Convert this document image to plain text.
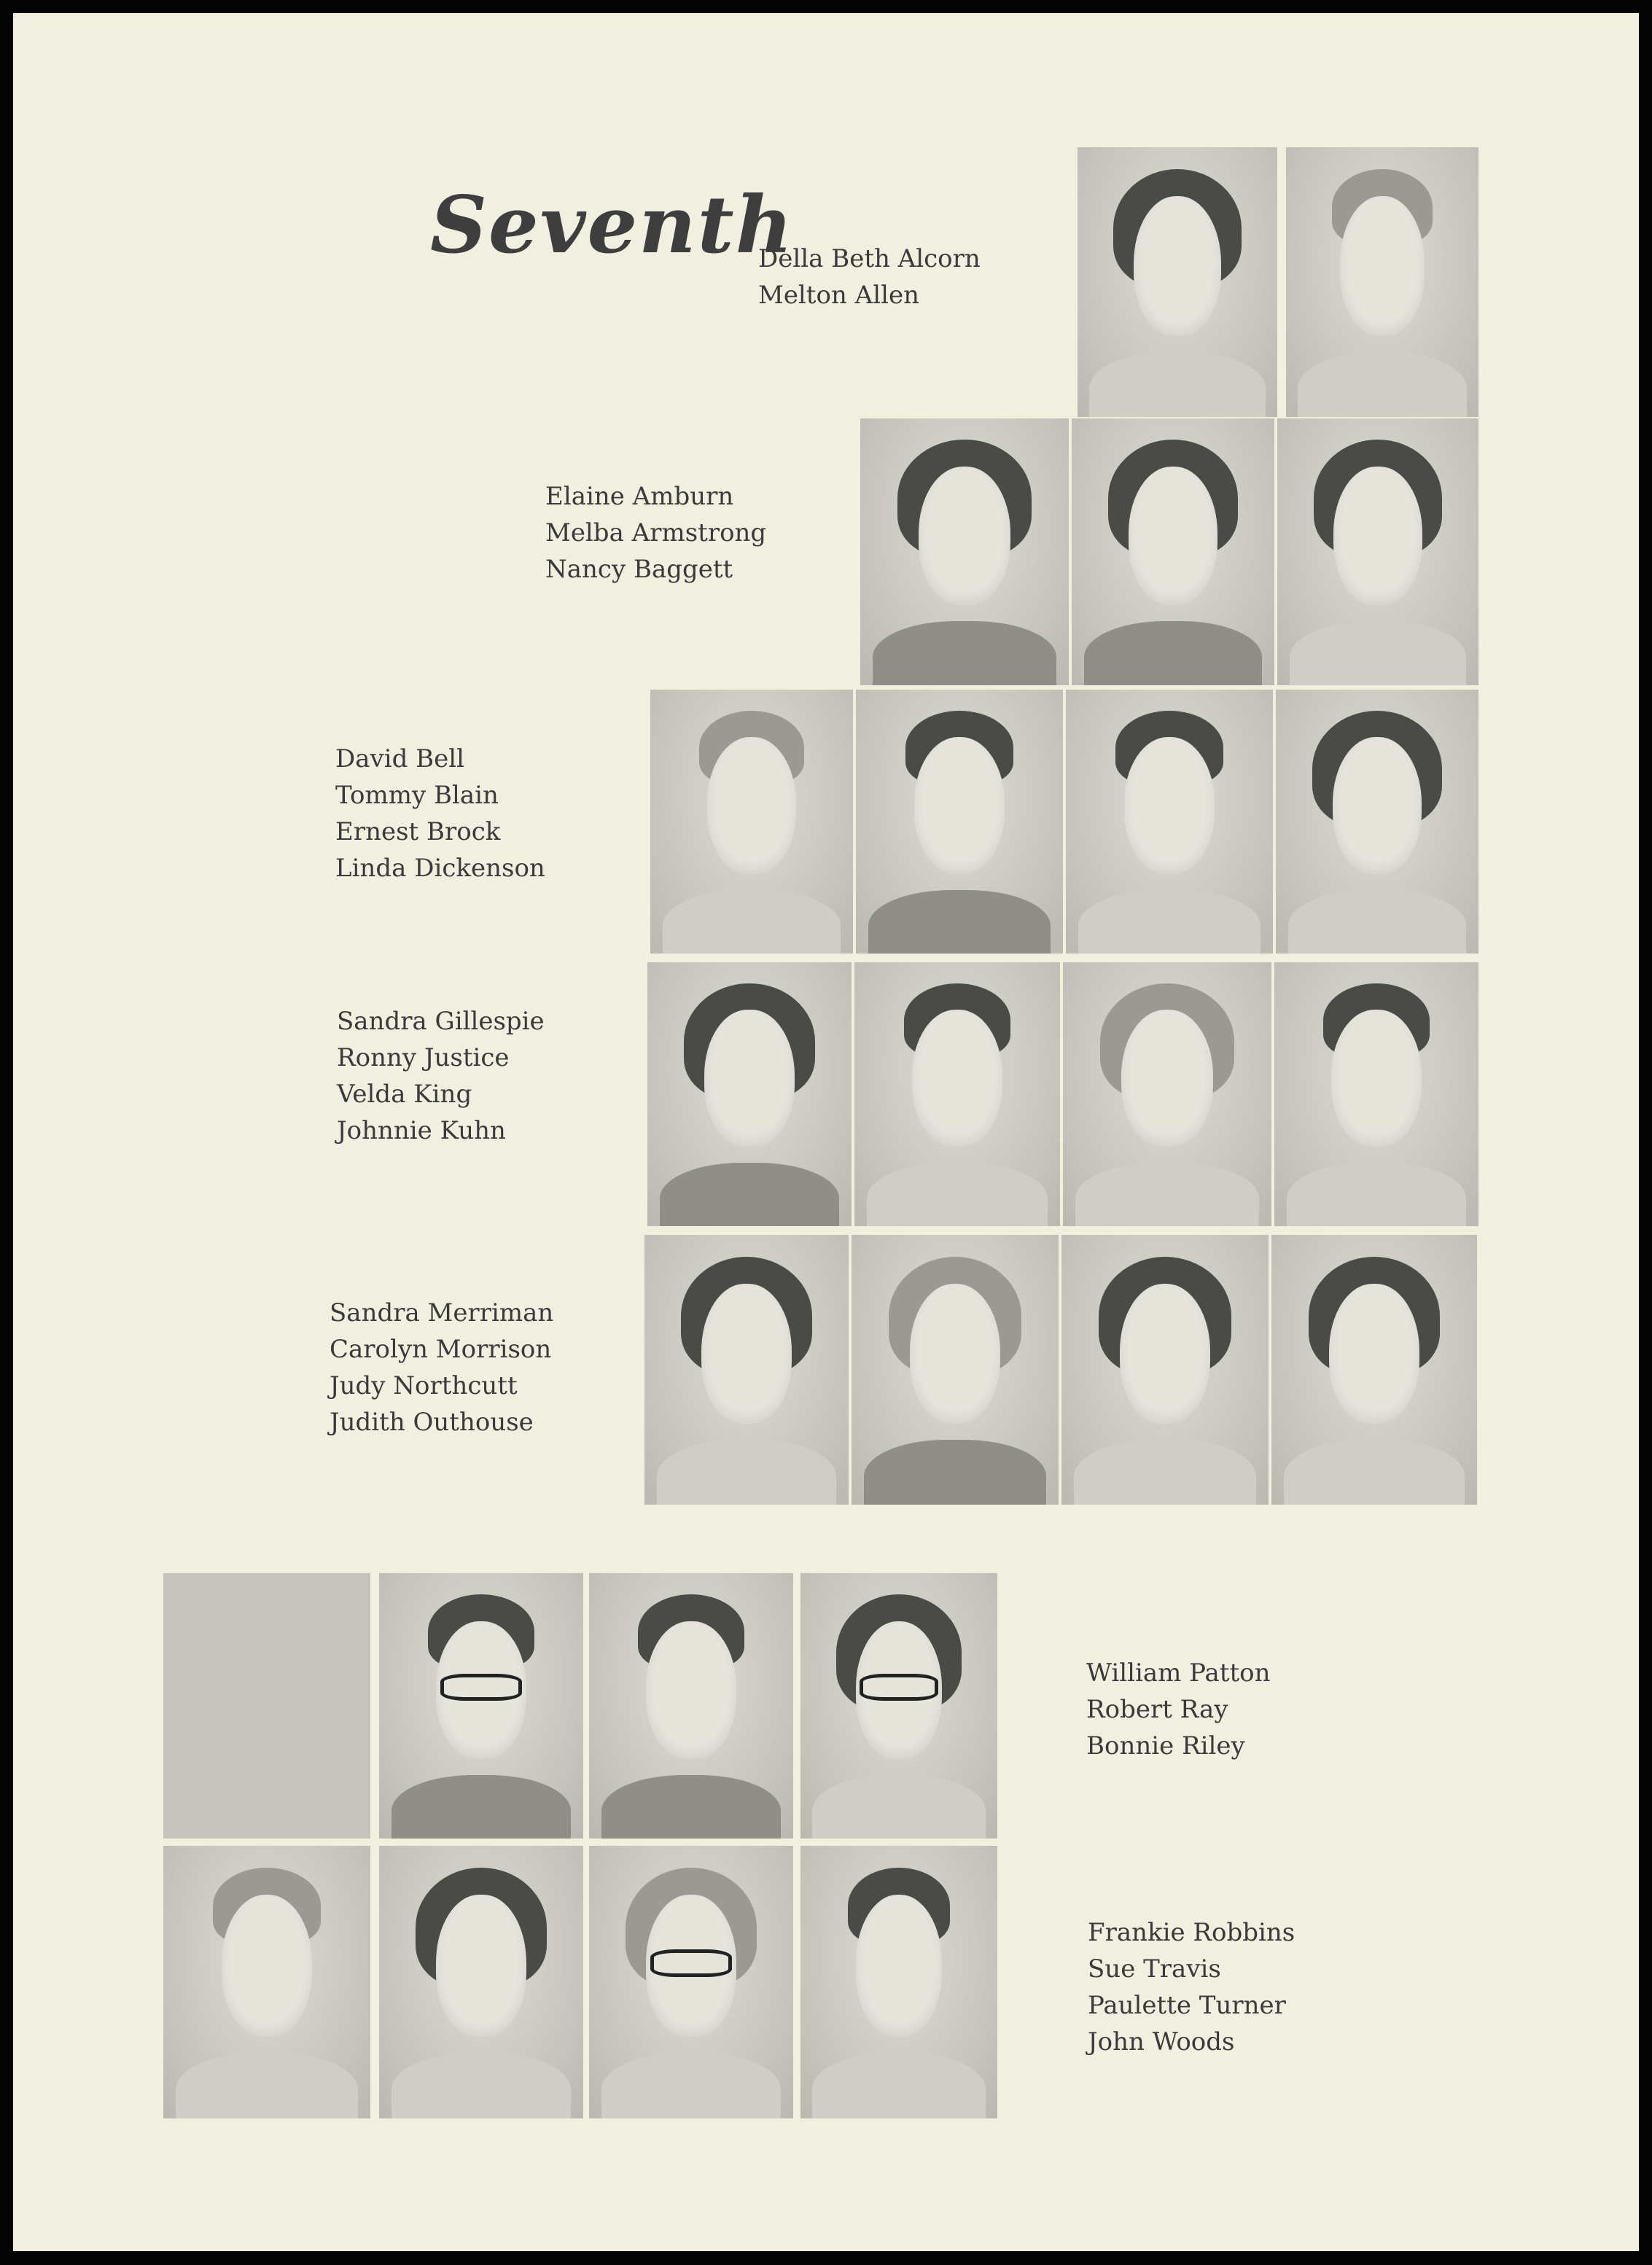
Seventh
Della Beth Alcorn
Melton Allen
Elaine Amburn
Melba Armstrong
Nancy Baggett
David Bell
Tommy Blain
Ernest Brock
Linda Dickenson
Sandra Gillespie
Ronny Justice
Velda King
Johnnie Kuhn
Sandra Merriman
Carolyn Morrison
Judy Northcutt
Judith Outhouse
William Patton
Robert Ray
Bonnie Riley
Frankie Robbins
Sue Travis
Paulette Turner
John Woods
